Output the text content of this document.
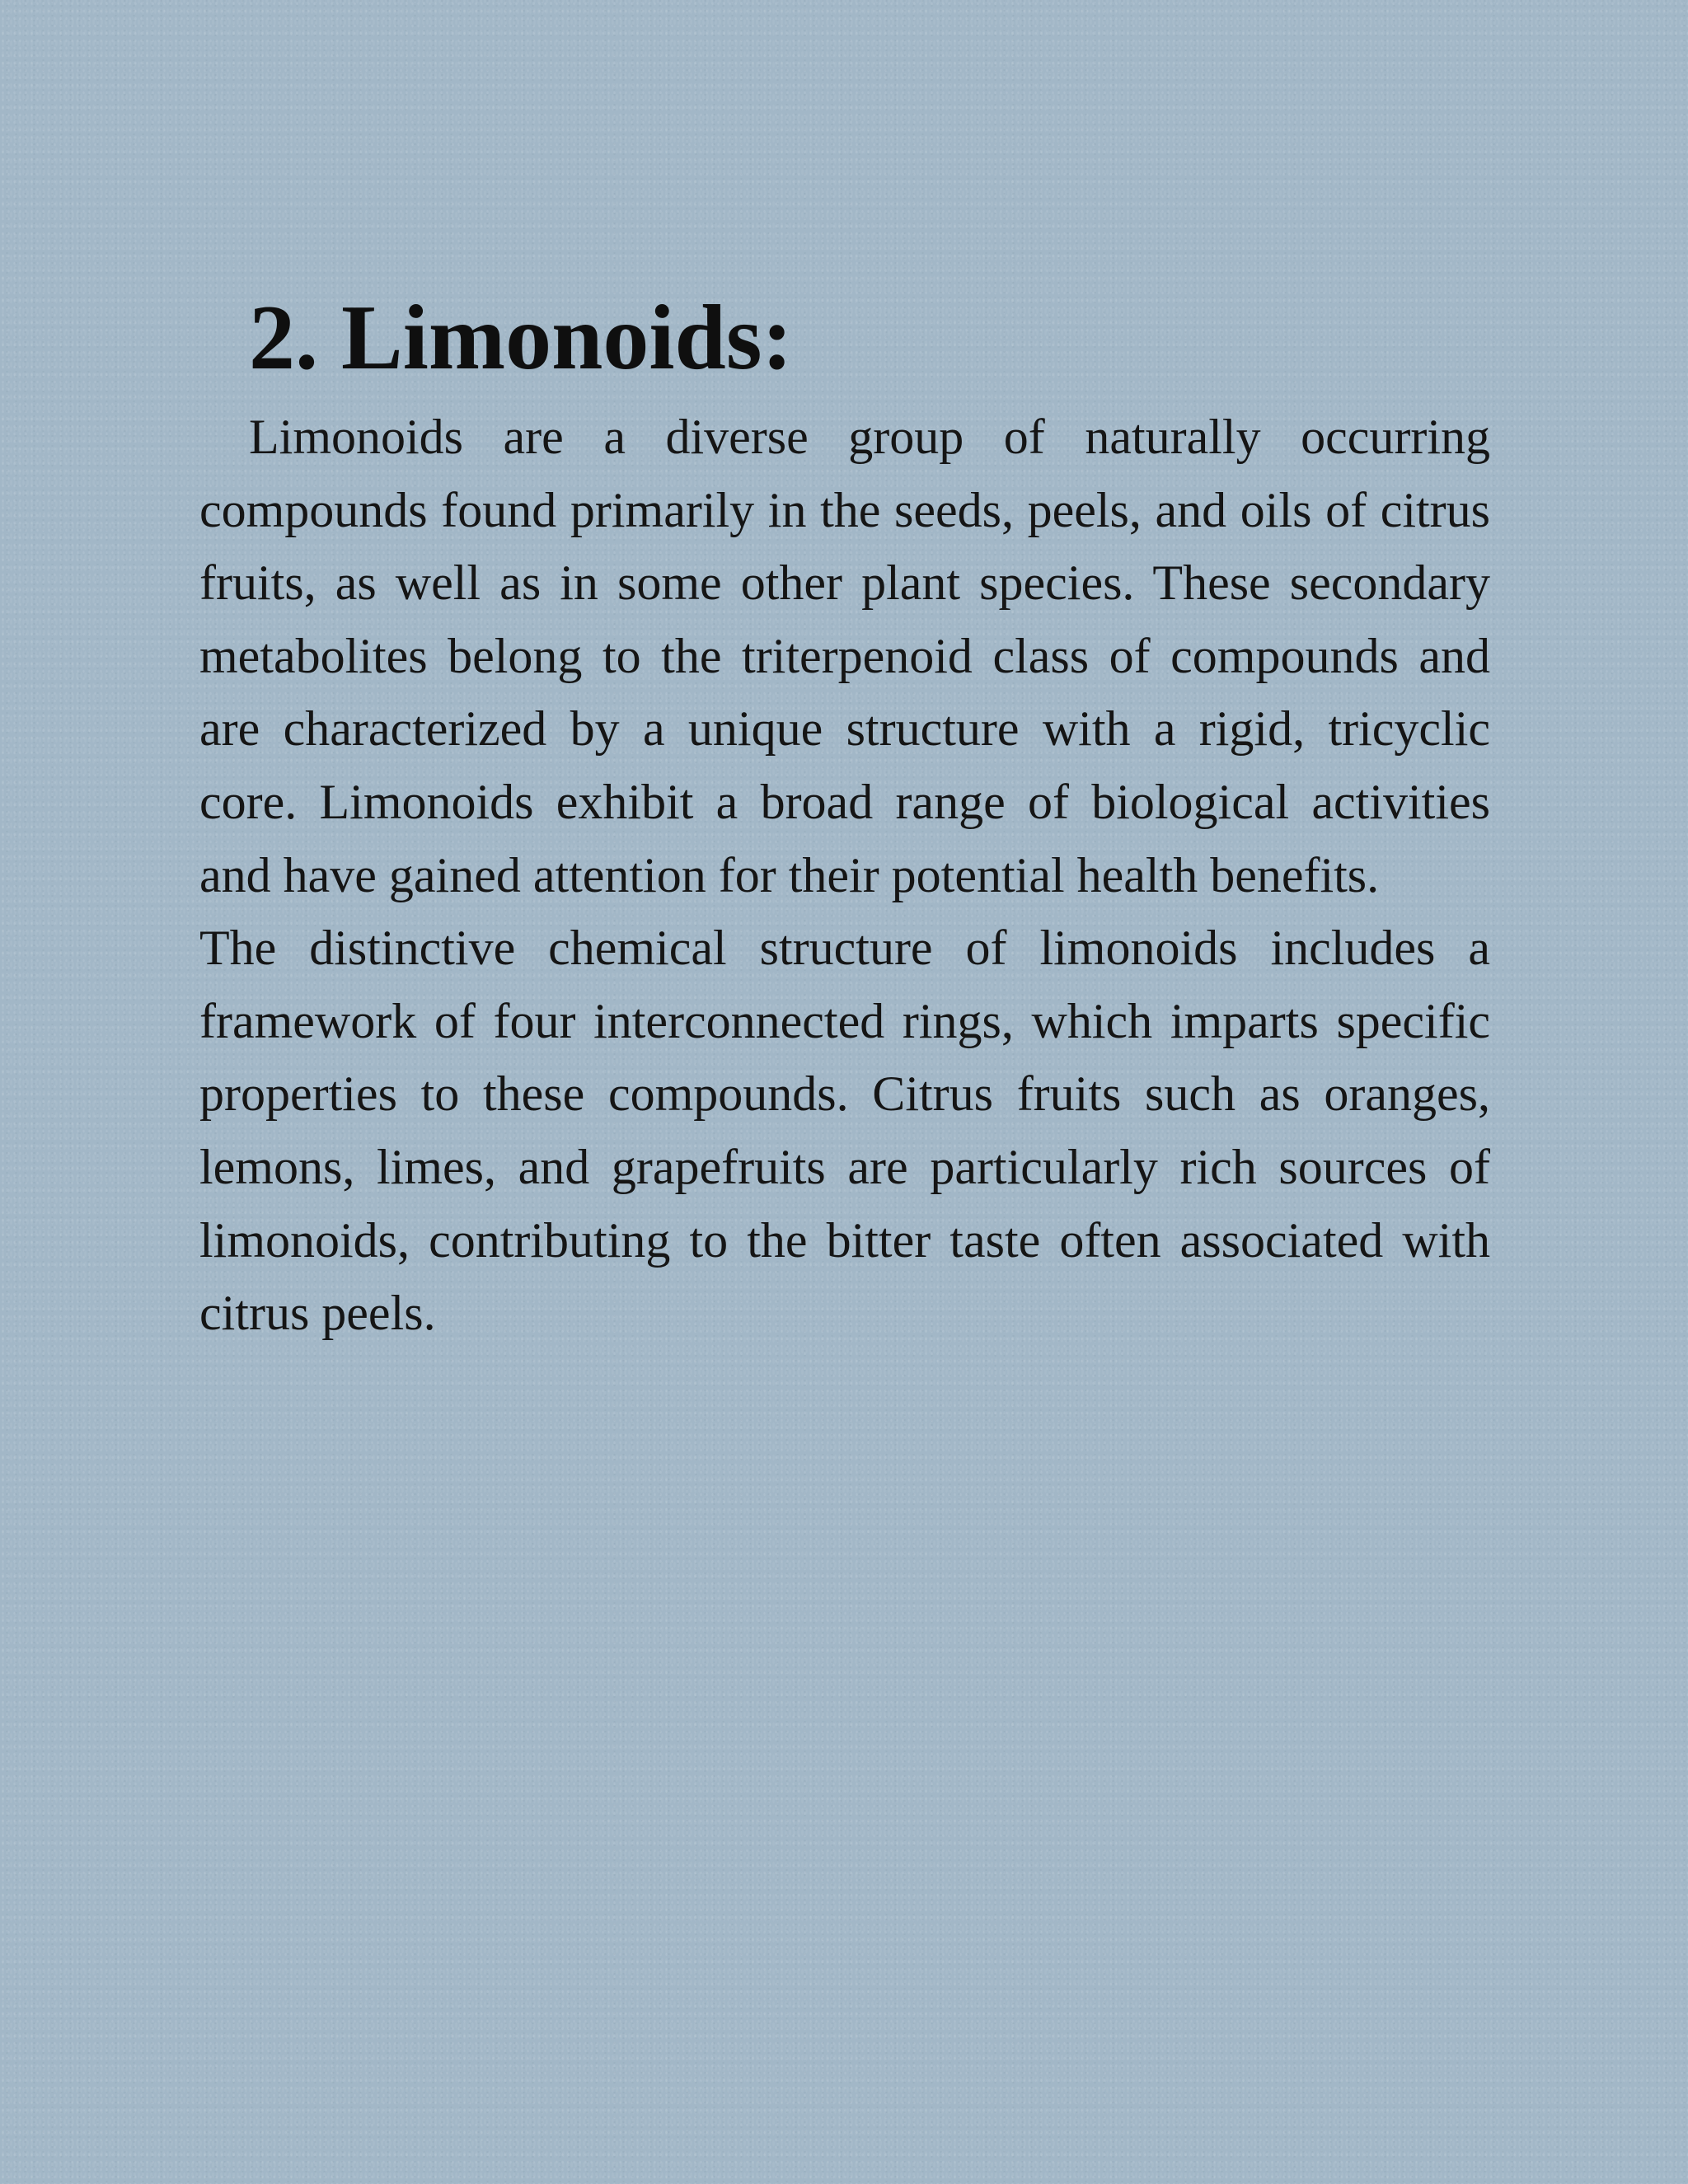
2. Limonoids:

Limonoids are a diverse group of naturally occurring compounds found primarily in the seeds, peels, and oils of citrus fruits, as well as in some other plant species. These secondary metabolites belong to the triterpenoid class of compounds and are characterized by a unique structure with a rigid, tricyclic core. Limonoids exhibit a broad range of biological activities and have gained attention for their potential health benefits.

The distinctive chemical structure of limonoids includes a framework of four interconnected rings, which imparts specific properties to these compounds. Citrus fruits such as oranges, lemons, limes, and grapefruits are particularly rich sources of limonoids, contributing to the bitter taste often associated with citrus peels.
